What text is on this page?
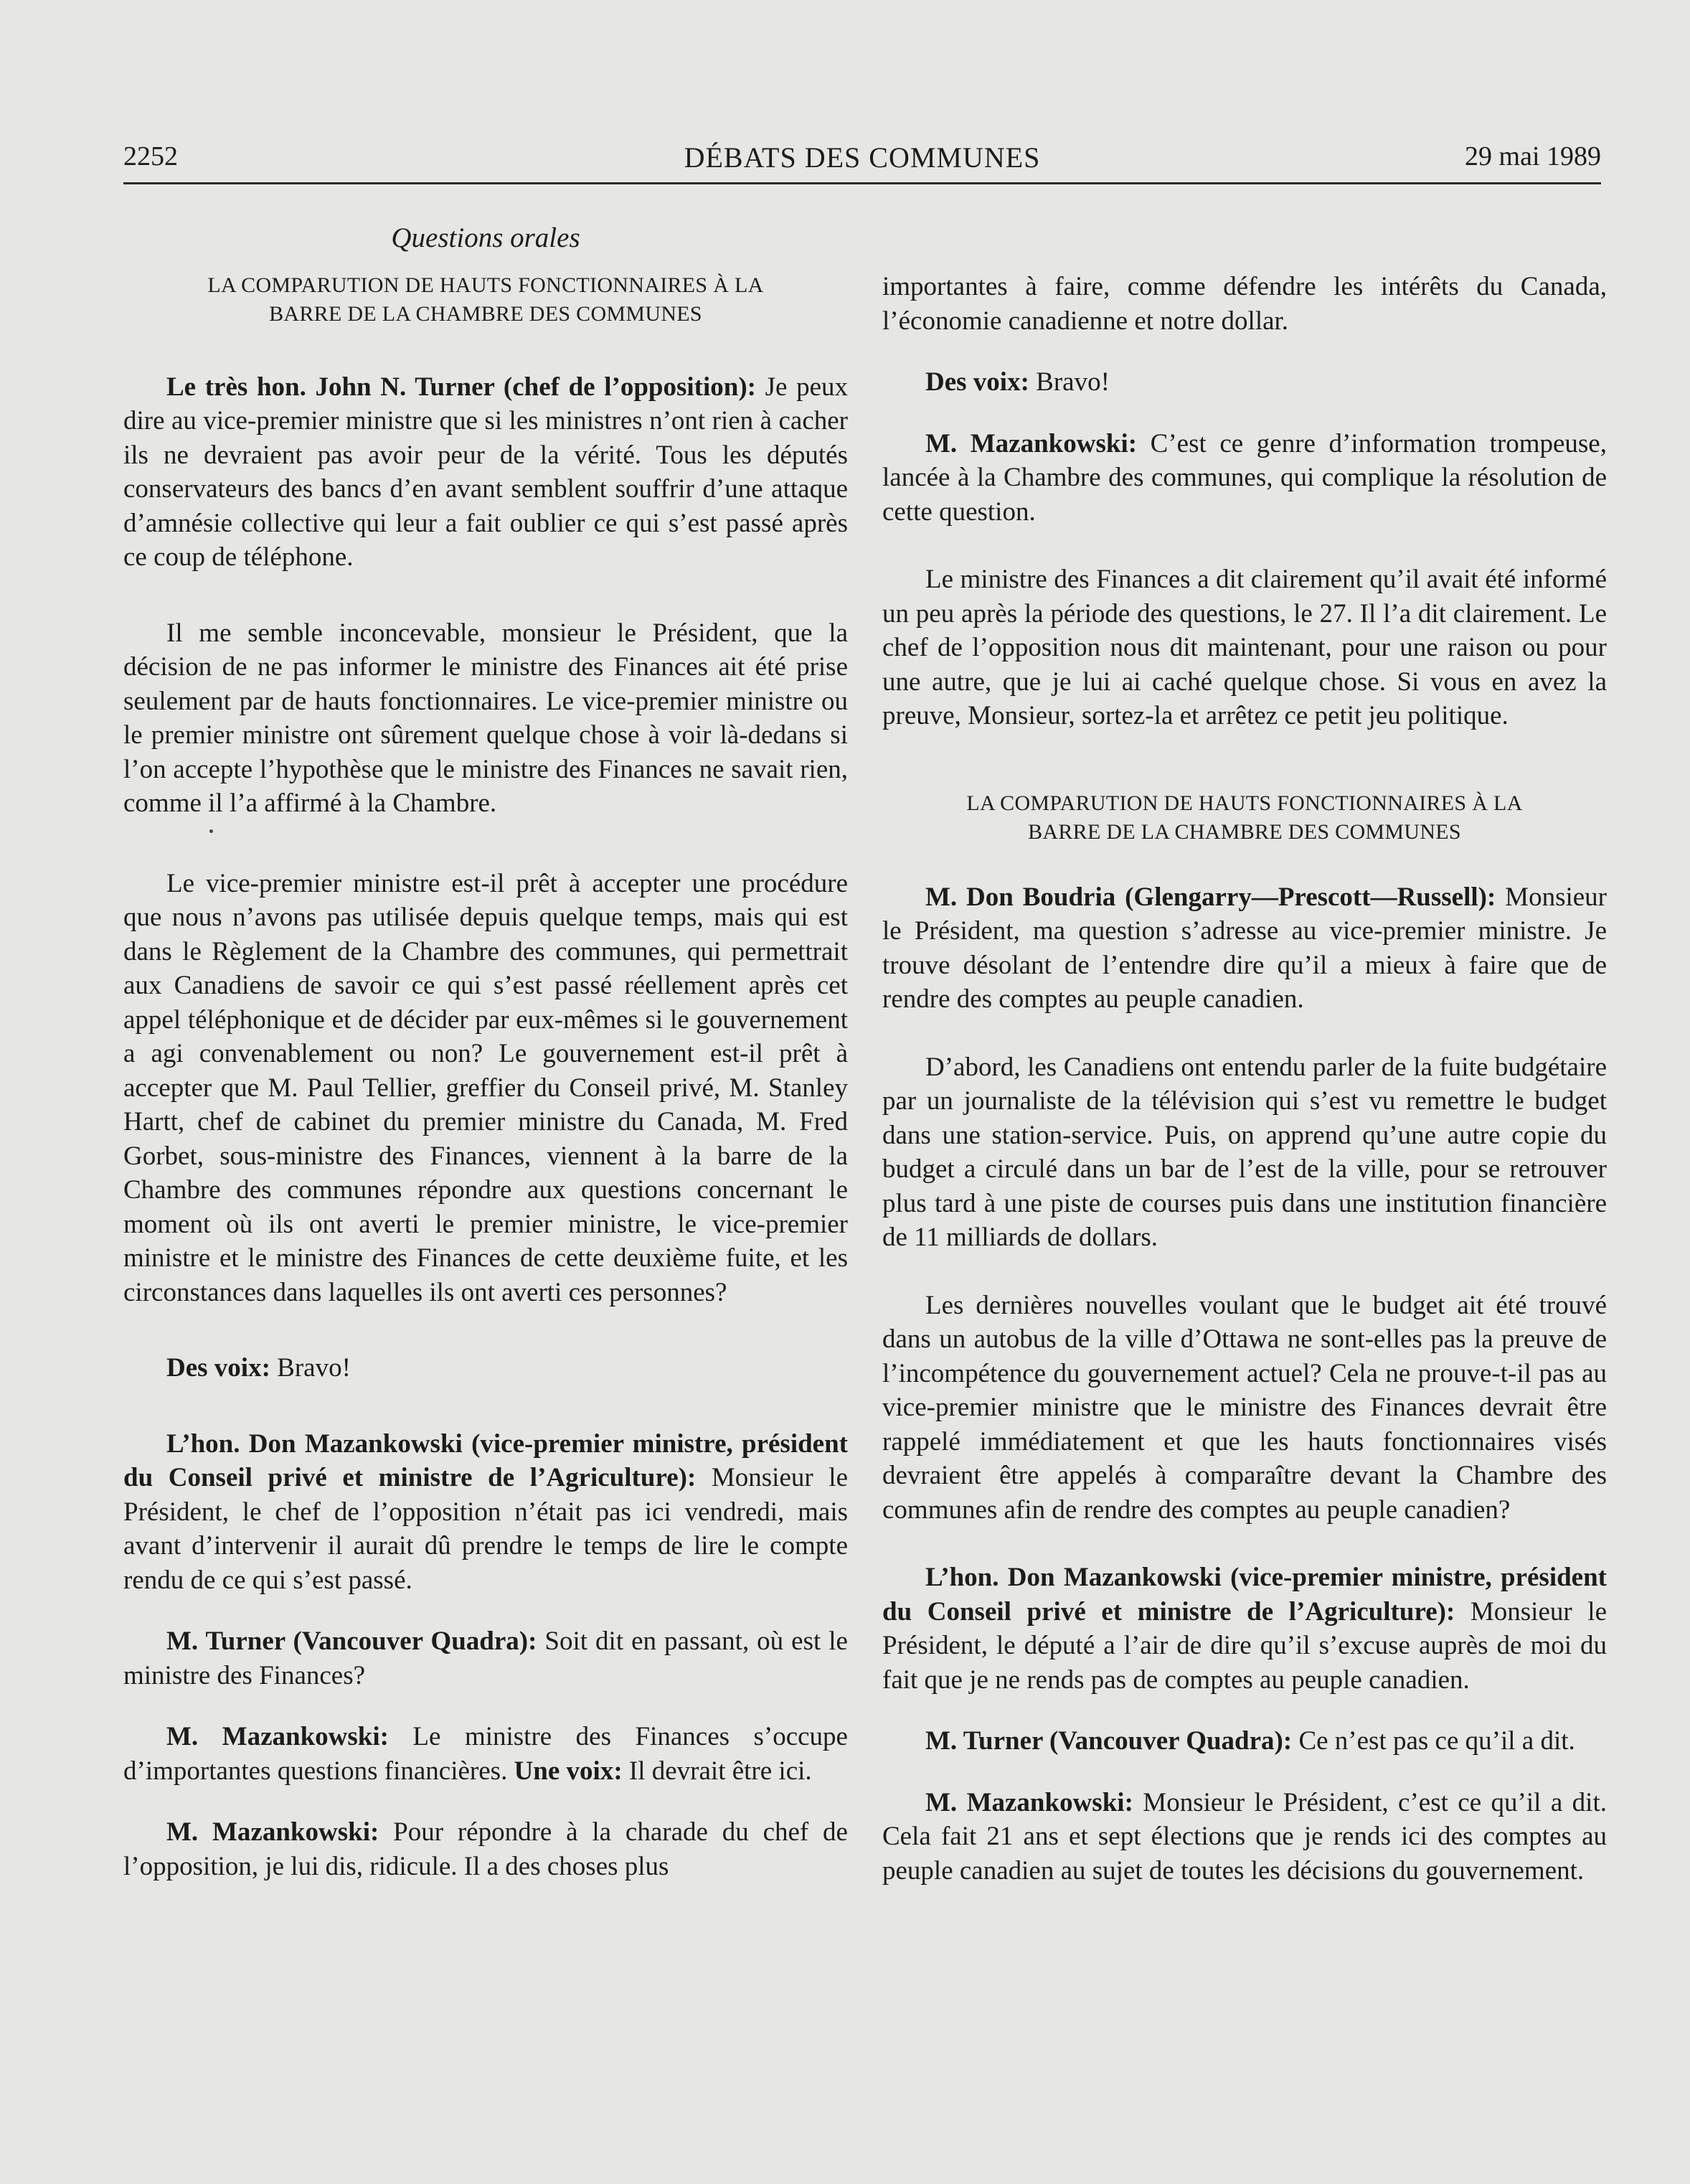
2252	DÉBATS DES COMMUNES	29 mai 1989
Questions orales

LA COMPARUTION DE HAUTS FONCTIONNAIRES À LA
BARRE DE LA CHAMBRE DES COMMUNES

Le très hon. John N. Turner (chef de l’opposition): Je peux dire au vice-premier ministre que si les ministres n’ont rien à cacher ils ne devraient pas avoir peur de la vérité. Tous les députés conservateurs des bancs d’en avant semblent souffrir d’une attaque d’amnésie collective qui leur a fait oublier ce qui s’est passé après ce coup de téléphone.

Il me semble inconcevable, monsieur le Président, que la décision de ne pas informer le ministre des Finances ait été prise seulement par de hauts fonctionnaires. Le vice-premier ministre ou le premier ministre ont sûrement quelque chose à voir là-dedans si l’on accepte l’hypothèse que le ministre des Finances ne savait rien, comme il l’a affirmé à la Chambre.

Le vice-premier ministre est-il prêt à accepter une procédure que nous n’avons pas utilisée depuis quelque temps, mais qui est dans le Règlement de la Chambre des communes, qui permettrait aux Canadiens de savoir ce qui s’est passé réellement après cet appel téléphonique et de décider par eux-mêmes si le gouvernement a agi convenablement ou non? Le gouvernement est-il prêt à accepter que M. Paul Tellier, greffier du Conseil privé, M. Stanley Hartt, chef de cabinet du premier ministre du Canada, M. Fred Gorbet, sous-ministre des Finances, viennent à la barre de la Chambre des communes répondre aux questions concernant le moment où ils ont averti le premier ministre, le vice-premier ministre et le ministre des Finances de cette deuxième fuite, et les circonstances dans laquelles ils ont averti ces personnes?

Des voix: Bravo!

L’hon. Don Mazankowski (vice-premier ministre, président du Conseil privé et ministre de l’Agriculture): Monsieur le Président, le chef de l’opposition n’était pas ici vendredi, mais avant d’intervenir il aurait dû prendre le temps de lire le compte rendu de ce qui s’est passé.

M. Turner (Vancouver Quadra): Soit dit en passant, où est le ministre des Finances?

M. Mazankowski: Le ministre des Finances s’occupe d’importantes questions financières. Une voix: Il devrait être ici.

M. Mazankowski: Pour répondre à la charade du chef de l’opposition, je lui dis, ridicule. Il a des choses plus

importantes à faire, comme défendre les intérêts du Canada, l’économie canadienne et notre dollar.

Des voix: Bravo!

M. Mazankowski: C’est ce genre d’information trompeuse, lancée à la Chambre des communes, qui complique la résolution de cette question.

Le ministre des Finances a dit clairement qu’il avait été informé un peu après la période des questions, le 27. Il l’a dit clairement. Le chef de l’opposition nous dit maintenant, pour une raison ou pour une autre, que je lui ai caché quelque chose. Si vous en avez la preuve, Monsieur, sortez-la et arrêtez ce petit jeu politique.

LA COMPARUTION DE HAUTS FONCTIONNAIRES À LA
BARRE DE LA CHAMBRE DES COMMUNES

M. Don Boudria (Glengarry—Prescott—Russell): Monsieur le Président, ma question s’adresse au vice-premier ministre. Je trouve désolant de l’entendre dire qu’il a mieux à faire que de rendre des comptes au peuple canadien.

D’abord, les Canadiens ont entendu parler de la fuite budgétaire par un journaliste de la télévision qui s’est vu remettre le budget dans une station-service. Puis, on apprend qu’une autre copie du budget a circulé dans un bar de l’est de la ville, pour se retrouver plus tard à une piste de courses puis dans une institution financière de 11 milliards de dollars.

Les dernières nouvelles voulant que le budget ait été trouvé dans un autobus de la ville d’Ottawa ne sont-elles pas la preuve de l’incompétence du gouvernement actuel? Cela ne prouve-t-il pas au vice-premier ministre que le ministre des Finances devrait être rappelé immédiatement et que les hauts fonctionnaires visés devraient être appelés à comparaître devant la Chambre des communes afin de rendre des comptes au peuple canadien?

L’hon. Don Mazankowski (vice-premier ministre, président du Conseil privé et ministre de l’Agriculture): Monsieur le Président, le député a l’air de dire qu’il s’excuse auprès de moi du fait que je ne rends pas de comptes au peuple canadien.

M. Turner (Vancouver Quadra): Ce n’est pas ce qu’il a dit.

M. Mazankowski: Monsieur le Président, c’est ce qu’il a dit. Cela fait 21 ans et sept élections que je rends ici des comptes au peuple canadien au sujet de toutes les décisions du gouvernement.
